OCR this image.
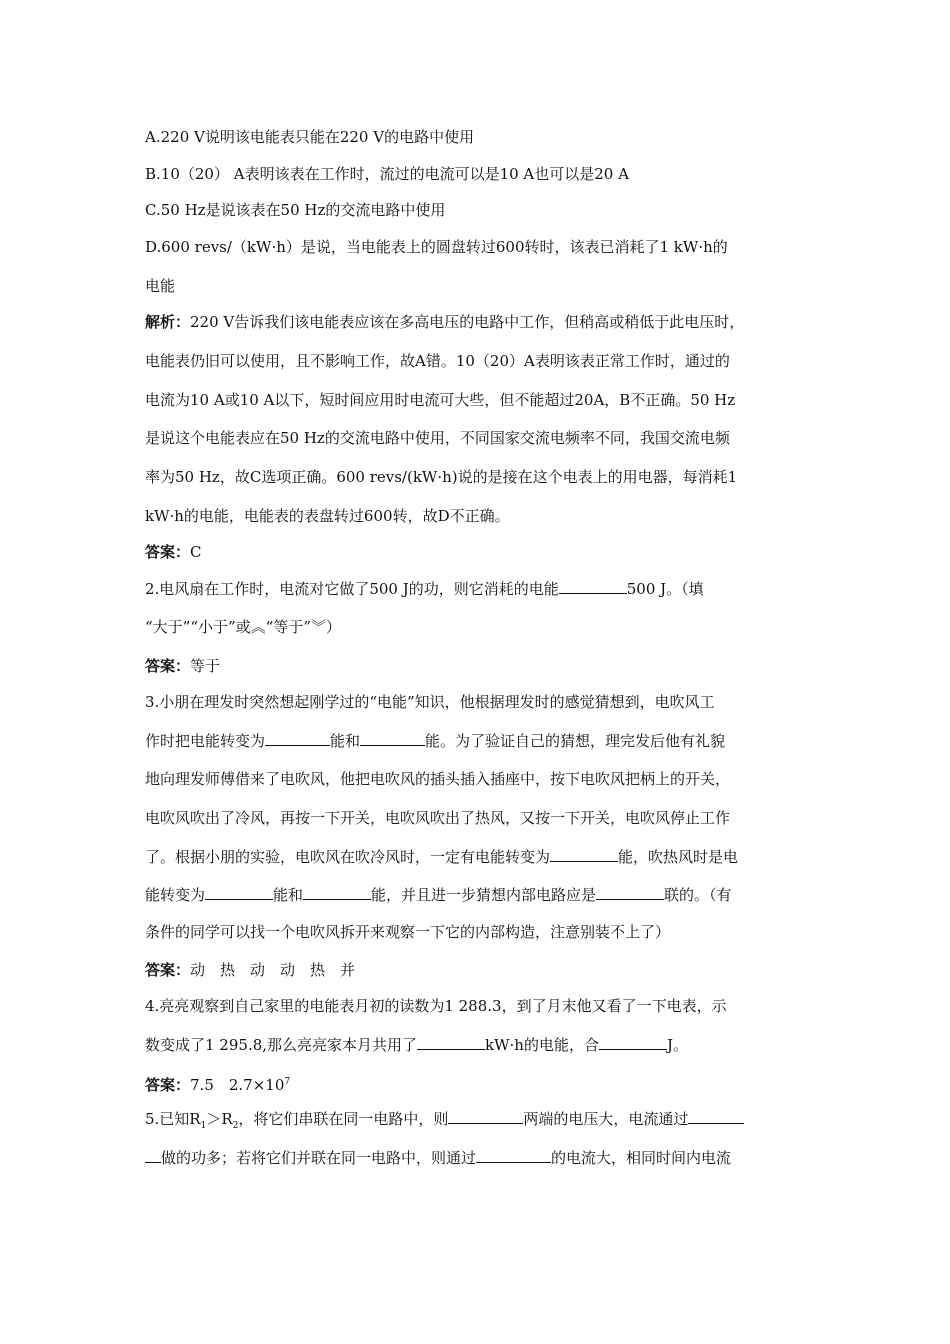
A.220 V说明该电能表只能在220 V的电路中使用
B.10（20） A表明该表在工作时，流过的电流可以是10 A也可以是20 A
C.50 Hz是说该表在50 Hz的交流电路中使用
D.600 revs/（kW·h）是说，当电能表上的圆盘转过600转时，该表已消耗了1 kW·h的
电能
解析：220 V告诉我们该电能表应该在多高电压的电路中工作，但稍高或稍低于此电压时，
电能表仍旧可以使用，且不影响工作，故A错。10（20）A表明该表正常工作时，通过的
电流为10 A或10 A以下，短时间应用时电流可大些，但不能超过20A，B不正确。50 Hz
是说这个电能表应在50 Hz的交流电路中使用，不同国家交流电频率不同，我国交流电频
率为50 Hz，故C选项正确。600 revs/(kW·h)说的是接在这个电表上的用电器，每消耗1
kW·h的电能，电能表的表盘转过600转，故D不正确。
答案：C
2.电风扇在工作时，电流对它做了500 J的功，则它消耗的电能	500 J。（填
“大于”“小于”或︽“等于”︾）
答案：等于
3.小朋在理发时突然想起刚学过的“电能”知识，他根据理发时的感觉猜想到，电吹风工
作时把电能转变为	能和	能。为了验证自己的猜想，理完发后他有礼貌
地向理发师傅借来了电吹风，他把电吹风的插头插入插座中，按下电吹风把柄上的开关，
电吹风吹出了冷风，再按一下开关，电吹风吹出了热风，又按一下开关，电吹风停止工作
了。根据小朋的实验，电吹风在吹冷风时，一定有电能转变为	能，吹热风时是电
能转变为	能和	能，并且进一步猜想内部电路应是	联的。（有
条件的同学可以找一个电吹风拆开来观察一下它的内部构造，注意别装不上了）
答案：动　热　动　动　热　并
4.亮亮观察到自己家里的电能表月初的读数为1 288.3，到了月末他又看了一下电表，示
数变成了1 295.8,那么亮亮家本月共用了	kW·h的电能，合	J。
答案：7.5　$2.7\times 10^7$
5.已知$R_1>R_2$，将它们串联在同一电路中，则	两端的电压大，电流通过
做的功多；若将它们并联在同一电路中，则通过	的电流大，相同时间内电流
